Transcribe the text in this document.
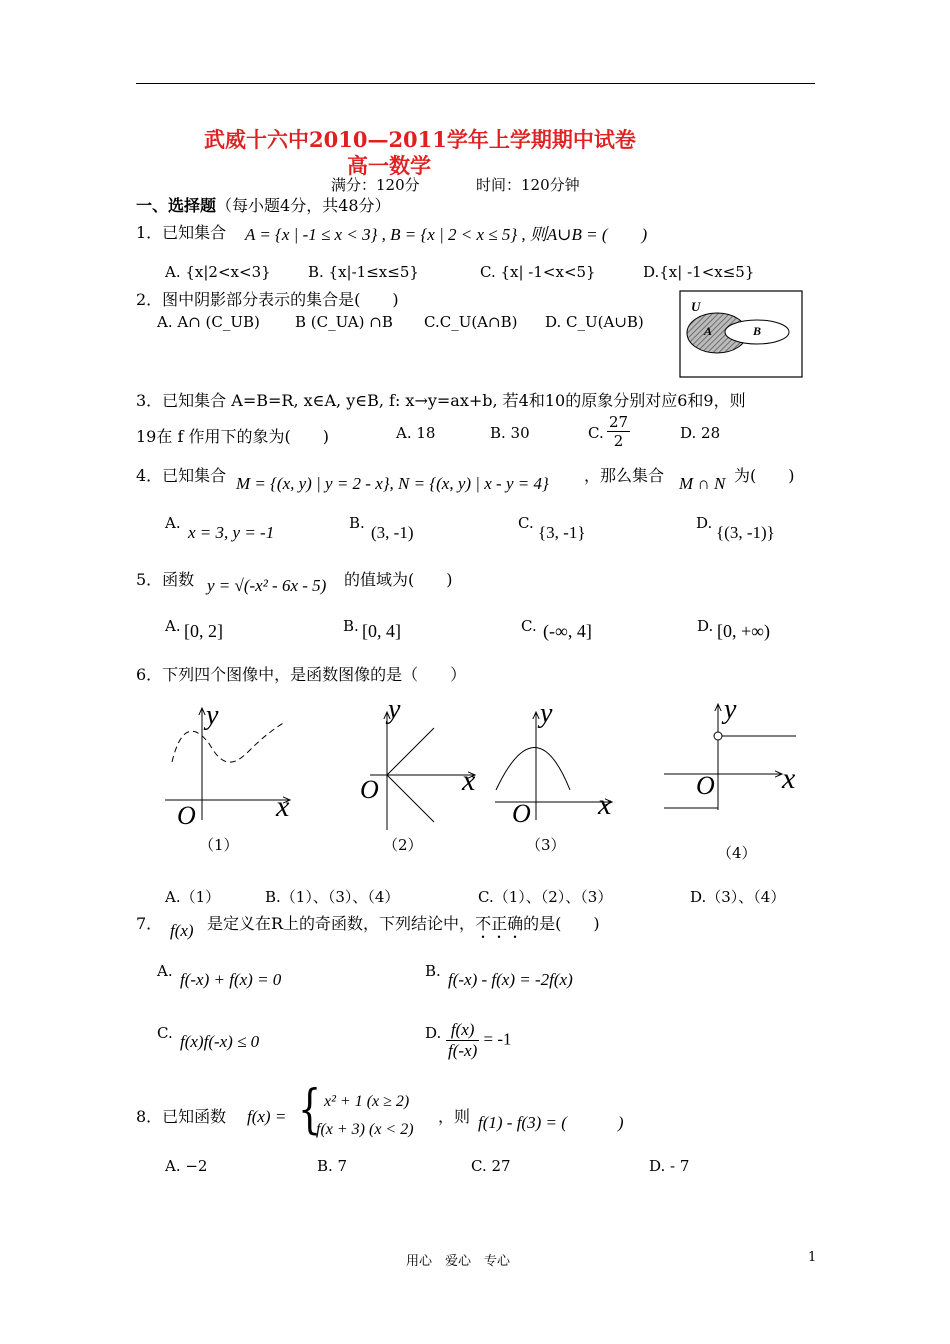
武威十六中2010—2011学年上学期期中试卷
高一数学
满分：120分	时间：120分钟
一、选择题（每小题4分，共48分）
1．已知集合 A = {x | -1 ≤ x < 3} , B = {x | 2 < x ≤ 5} , 则A∪B = (　　)
A. {x|2<x<3} B. {x|-1≤x≤5}	C. {x| -1<x<5}	D.{x| -1<x≤5}
2．图中阴影部分表示的集合是(　　)
A. A∩ (C_UB) B (C_UA) ∩B C.C_U(A∩B) D. C_U(A∪B)
U
A	B
3．已知集合 A=B=R, x∈A, y∈B, f: x→y=ax+b, 若4和10的原象分别对应6和9，则
19在 f 作用下的象为(　　)	A. 18	B. 30	C. $\frac{27}{2}$	D. 28
4．已知集合 M = {(x, y) | y = 2 - x}, N = {(x, y) | x - y = 4} ，那么集合 M ∩ N 为(　　)
A. x = 3, y = -1	B. (3, -1)	C. {3, -1}	D. {(3, -1)}
5．函数 y = √(-x² - 6x - 5) 的值域为(　　)
A. [0, 2]	B. [0, 4]	C. (-∞, 4]	D. [0, +∞)
6．下列四个图像中，是函数图像的是（　　）
y
x
O
y
x
O
y
x
O
y
x
O
（1）	（2）	（3）	（4）
A.（1）	B.（1）、（3）、（4）	C.（1）、（2）、（3）	D.（3）、（4）
7． f(x) 是定义在R上的奇函数，下列结论中，不正确的是(　　)
A. f(-x) + f(x) = 0	B. f(-x) - f(x) = -2f(x)
C. f(x)f(-x) ≤ 0	D. $\frac{f(x)}{f(-x)} = -1$
8．已知函数 f(x) = { x² + 1 (x ≥ 2)
f(x + 3) (x < 2)
，则 f(1) - f(3) = (　　　)
A. −2	B. 7	C. 27	D. - 7
用心　爱心　专心	1
